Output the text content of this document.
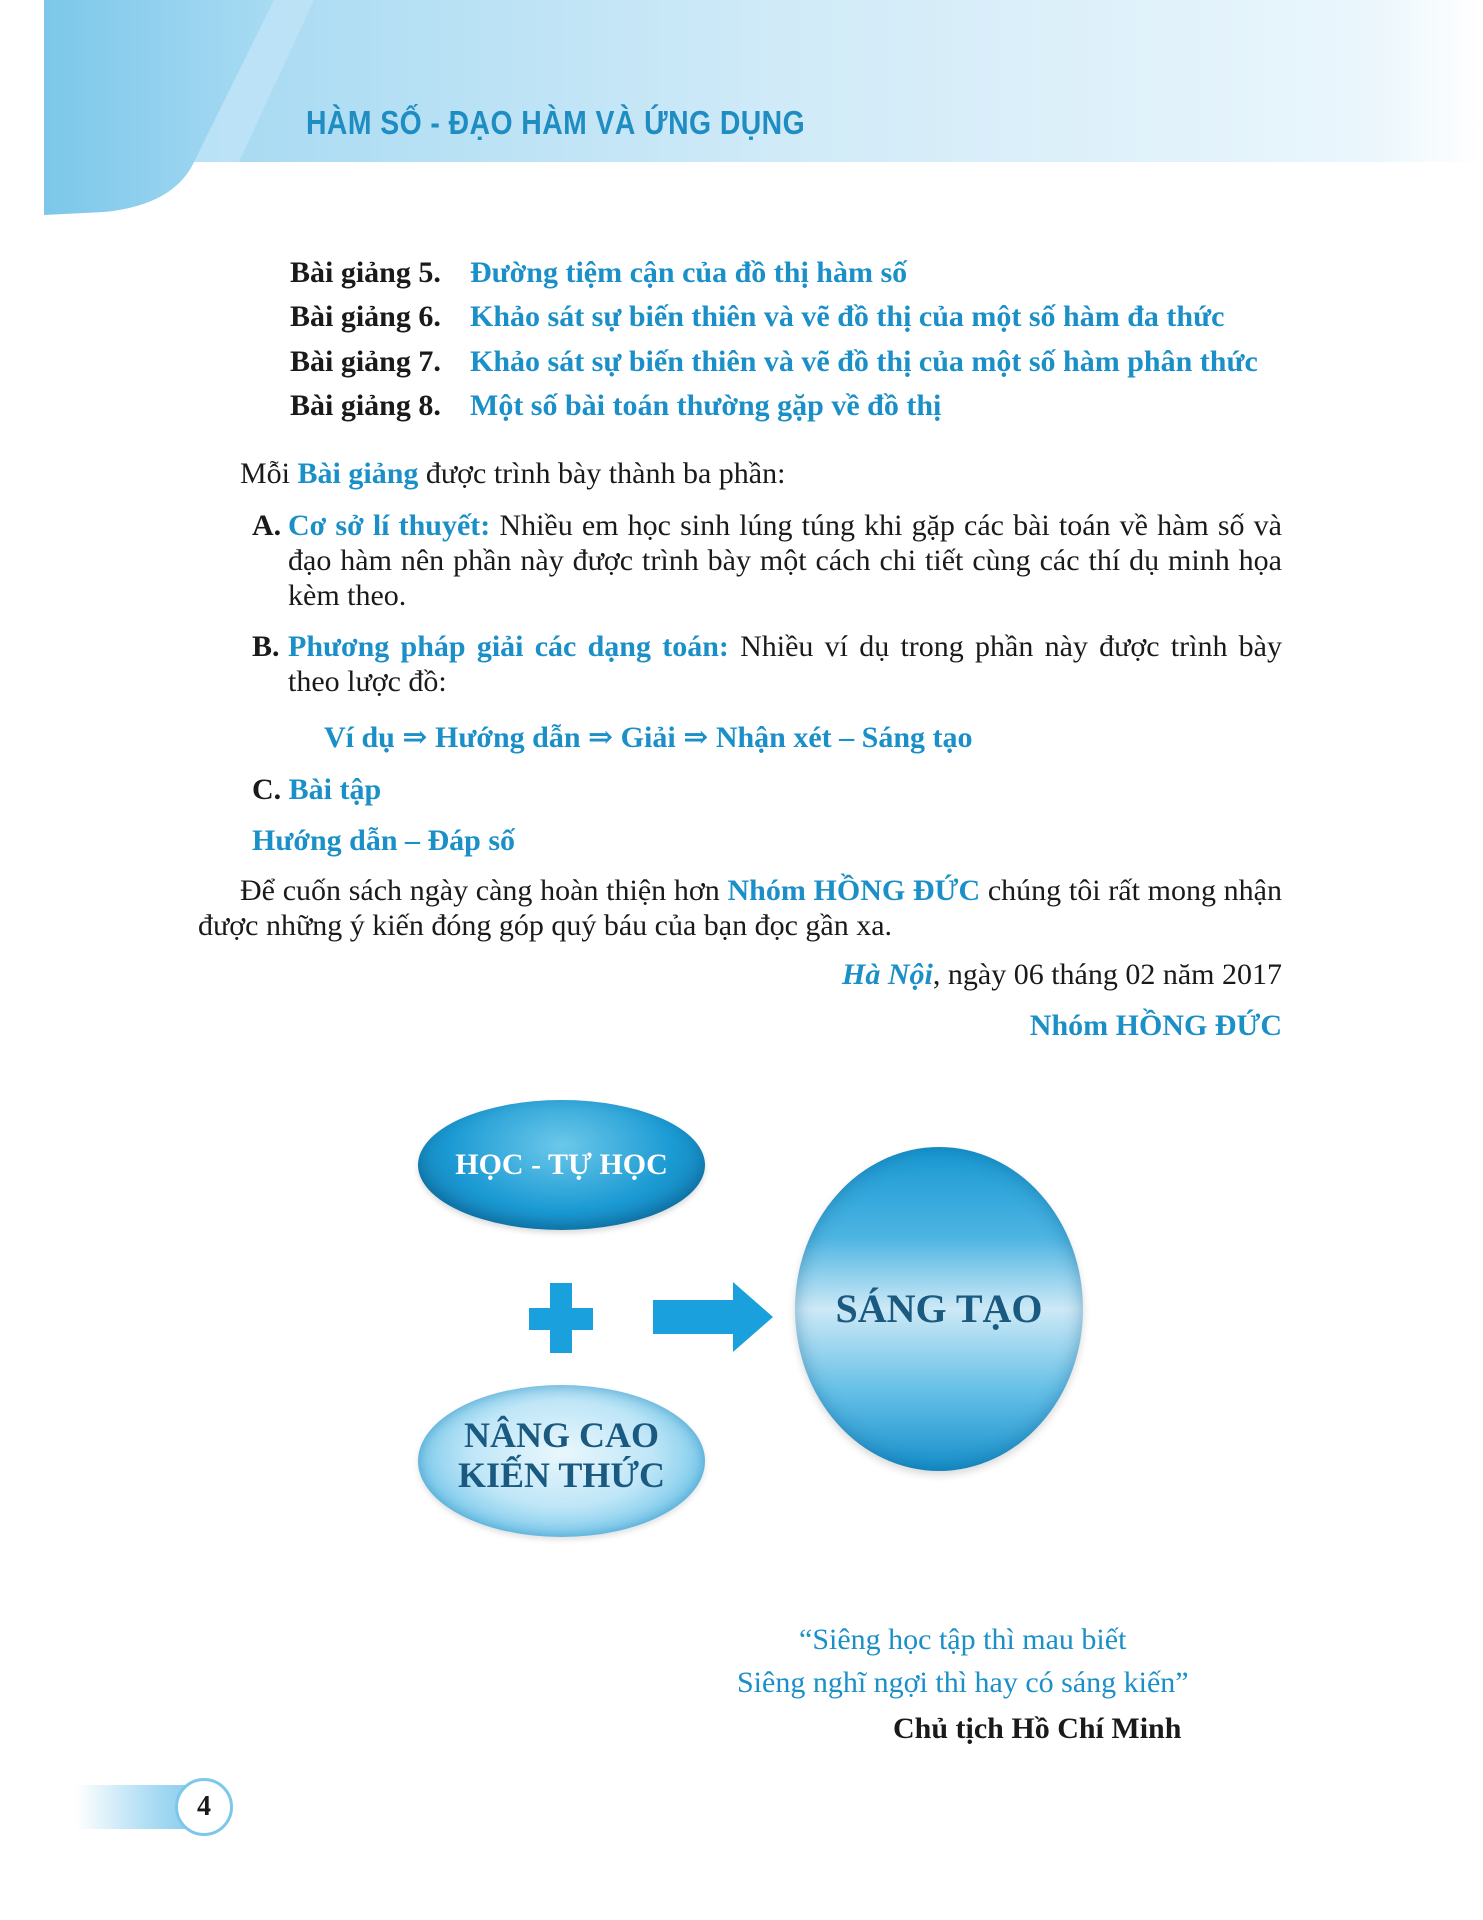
HÀM SỐ - ĐẠO HÀM VÀ ỨNG DỤNG
Bài giảng 5. Đường tiệm cận của đồ thị hàm số
Bài giảng 6. Khảo sát sự biến thiên và vẽ đồ thị của một số hàm đa thức
Bài giảng 7. Khảo sát sự biến thiên và vẽ đồ thị của một số hàm phân thức
Bài giảng 8. Một số bài toán thường gặp về đồ thị
Mỗi Bài giảng được trình bày thành ba phần:
A. Cơ sở lí thuyết: Nhiều em học sinh lúng túng khi gặp các bài toán về hàm số và đạo hàm nên phần này được trình bày một cách chi tiết cùng các thí dụ minh họa kèm theo.
B. Phương pháp giải các dạng toán: Nhiều ví dụ trong phần này được trình bày theo lược đồ:
Ví dụ ⇒ Hướng dẫn ⇒ Giải ⇒ Nhận xét – Sáng tạo
C. Bài tập
Hướng dẫn – Đáp số
Để cuốn sách ngày càng hoàn thiện hơn Nhóm HỒNG ĐỨC chúng tôi rất mong nhận được những ý kiến đóng góp quý báu của bạn đọc gần xa.
Hà Nội, ngày 06 tháng 02 năm 2017
Nhóm HỒNG ĐỨC
HỌC - TỰ HỌC
NÂNG CAO
KIẾN THỨC
SÁNG TẠO
“Siêng học tập thì mau biết
Siêng nghĩ ngợi thì hay có sáng kiến”
Chủ tịch Hồ Chí Minh
4
